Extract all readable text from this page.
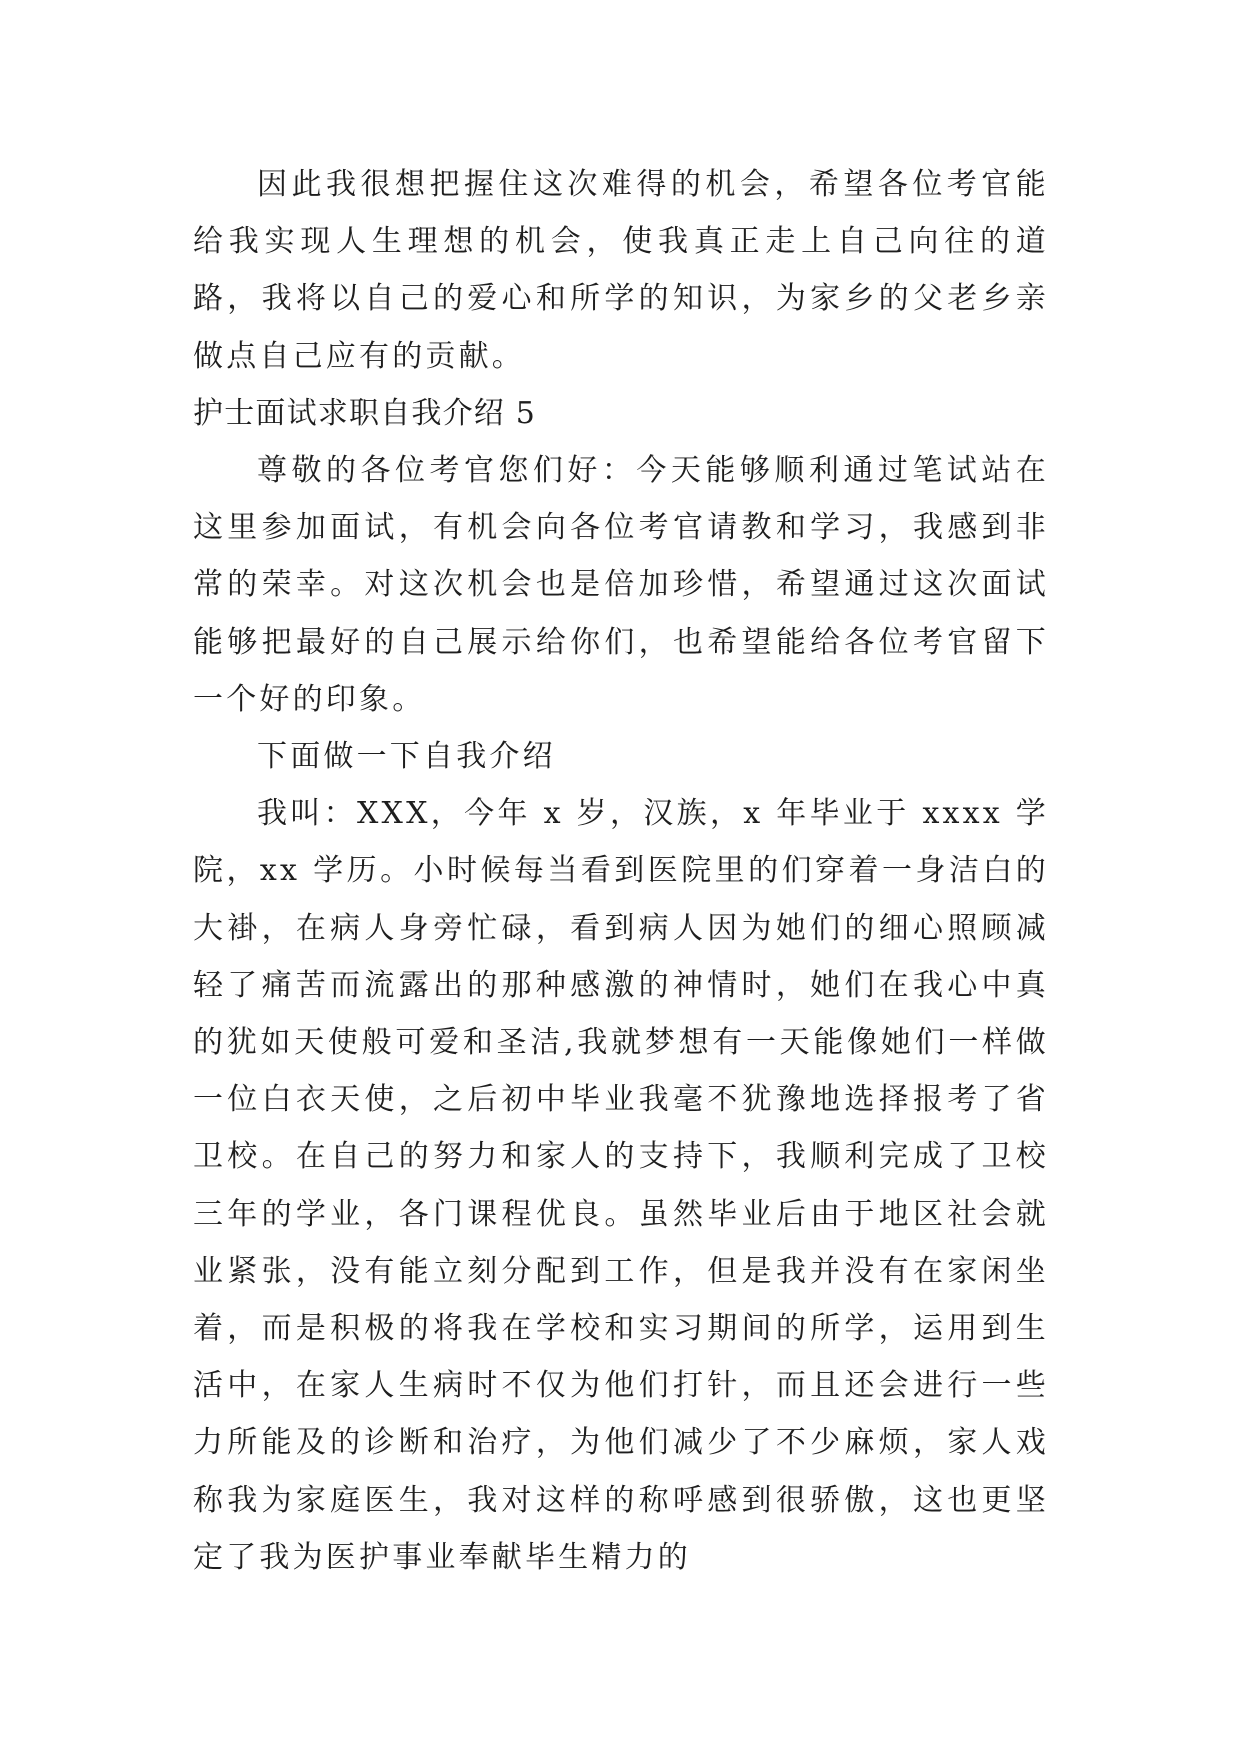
因此我很想把握住这次难得的机会，希望各位考官能给我实现人生理想的机会，使我真正走上自己向往的道路，我将以自己的爱心和所学的知识，为家乡的父老乡亲做点自己应有的贡献。

护士面试求职自我介绍 5

尊敬的各位考官您们好：今天能够顺利通过笔试站在这里参加面试，有机会向各位考官请教和学习，我感到非常的荣幸。对这次机会也是倍加珍惜，希望通过这次面试能够把最好的自己展示给你们，也希望能给各位考官留下一个好的印象。

下面做一下自我介绍

我叫：XXX，今年 x 岁，汉族，x 年毕业于 xxxx 学院，xx 学历。小时候每当看到医院里的们穿着一身洁白的大褂，在病人身旁忙碌，看到病人因为她们的细心照顾减轻了痛苦而流露出的那种感激的神情时，她们在我心中真的犹如天使般可爱和圣洁,我就梦想有一天能像她们一样做一位白衣天使，之后初中毕业我毫不犹豫地选择报考了省卫校。在自己的努力和家人的支持下，我顺利完成了卫校三年的学业，各门课程优良。虽然毕业后由于地区社会就业紧张，没有能立刻分配到工作，但是我并没有在家闲坐着，而是积极的将我在学校和实习期间的所学，运用到生活中，在家人生病时不仅为他们打针，而且还会进行一些力所能及的诊断和治疗，为他们减少了不少麻烦，家人戏称我为家庭医生，我对这样的称呼感到很骄傲，这也更坚定了我为医护事业奉献毕生精力的
